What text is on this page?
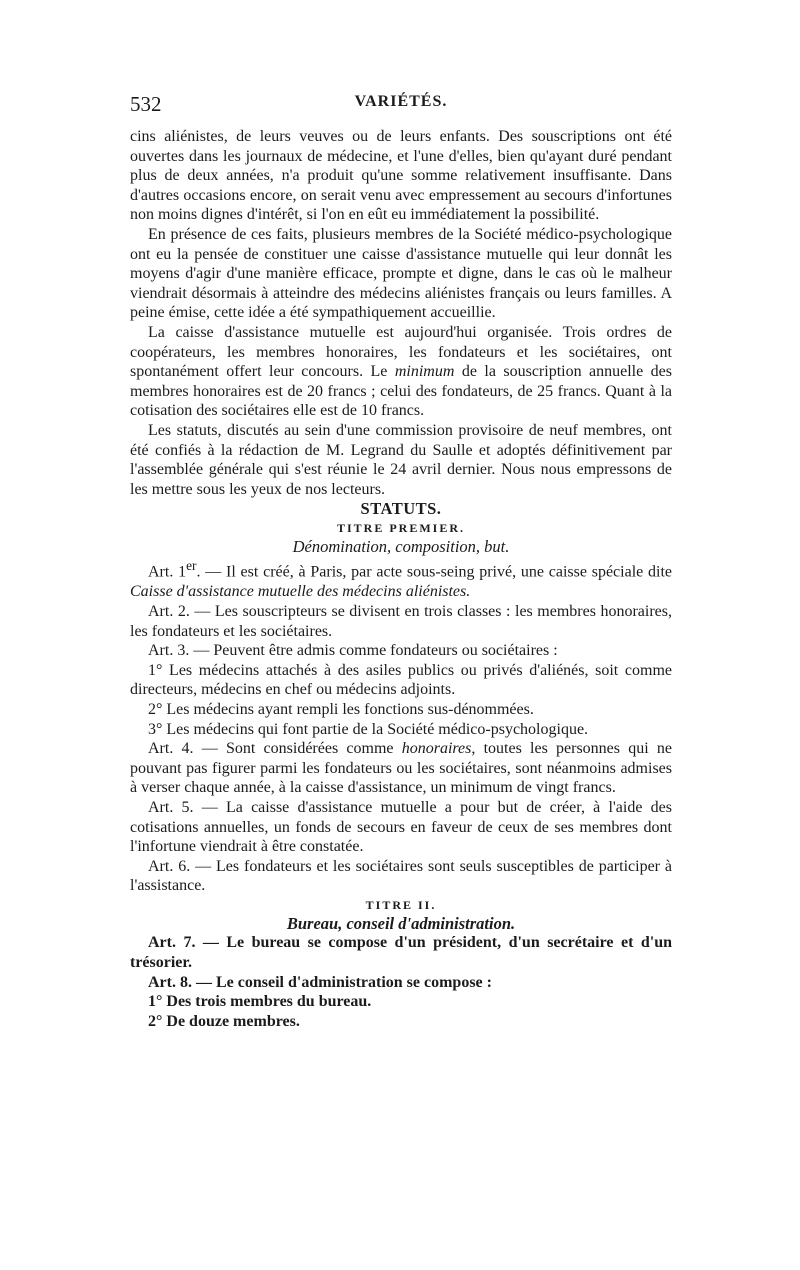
532	VARIÉTÉS.

cins aliénistes, de leurs veuves ou de leurs enfants. Des souscriptions ont été ouvertes dans les journaux de médecine, et l'une d'elles, bien qu'ayant duré pendant plus de deux années, n'a produit qu'une somme relativement insuffisante. Dans d'autres occasions encore, on serait venu avec empressement au secours d'infortunes non moins dignes d'intérêt, si l'on en eût eu immédiatement la possibilité.

En présence de ces faits, plusieurs membres de la Société médico-psychologique ont eu la pensée de constituer une caisse d'assistance mutuelle qui leur donnât les moyens d'agir d'une manière efficace, prompte et digne, dans le cas où le malheur viendrait désormais à atteindre des médecins aliénistes français ou leurs familles. A peine émise, cette idée a été sympathiquement accueillie.

La caisse d'assistance mutuelle est aujourd'hui organisée. Trois ordres de coopérateurs, les membres honoraires, les fondateurs et les sociétaires, ont spontanément offert leur concours. Le minimum de la souscription annuelle des membres honoraires est de 20 francs ; celui des fondateurs, de 25 francs. Quant à la cotisation des sociétaires elle est de 10 francs.

Les statuts, discutés au sein d'une commission provisoire de neuf membres, ont été confiés à la rédaction de M. Legrand du Saulle et adoptés définitivement par l'assemblée générale qui s'est réunie le 24 avril dernier. Nous nous empressons de les mettre sous les yeux de nos lecteurs.

STATUTS.

TITRE PREMIER.

Dénomination, composition, but.

Art. 1er. — Il est créé, à Paris, par acte sous-seing privé, une caisse spéciale dite Caisse d'assistance mutuelle des médecins aliénistes.

Art. 2. — Les souscripteurs se divisent en trois classes : les membres honoraires, les fondateurs et les sociétaires.

Art. 3. — Peuvent être admis comme fondateurs ou sociétaires :

1° Les médecins attachés à des asiles publics ou privés d'aliénés, soit comme directeurs, médecins en chef ou médecins adjoints.

2° Les médecins ayant rempli les fonctions sus-dénommées.

3° Les médecins qui font partie de la Société médico-psychologique.

Art. 4. — Sont considérées comme honoraires, toutes les personnes qui ne pouvant pas figurer parmi les fondateurs ou les sociétaires, sont néanmoins admises à verser chaque année, à la caisse d'assistance, un minimum de vingt francs.

Art. 5. — La caisse d'assistance mutuelle a pour but de créer, à l'aide des cotisations annuelles, un fonds de secours en faveur de ceux de ses membres dont l'infortune viendrait à être constatée.

Art. 6. — Les fondateurs et les sociétaires sont seuls susceptibles de participer à l'assistance.

TITRE II.

Bureau, conseil d'administration.

Art. 7. — Le bureau se compose d'un président, d'un secrétaire et d'un trésorier.

Art. 8. — Le conseil d'administration se compose :

1° Des trois membres du bureau.

2° De douze membres.
